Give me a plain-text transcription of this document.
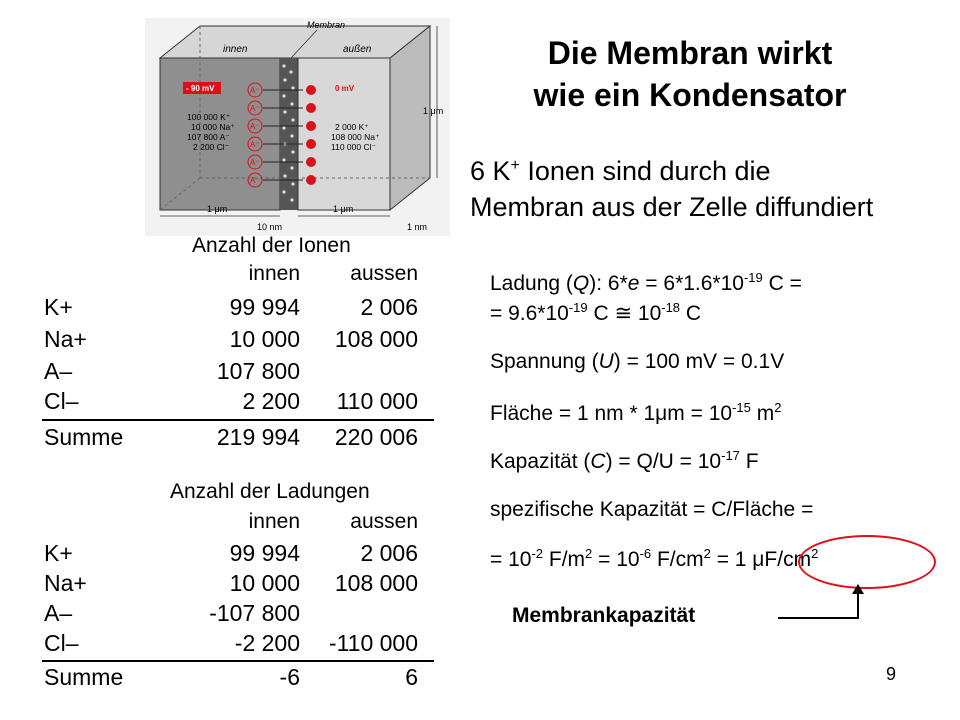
Membran
innen	außen
- 90 mV	0 mV
A⁻
A⁻
A⁻
A⁻
A⁻
A⁻
100 000 K⁺
10 000 Na⁺
107 800 A⁻
2 200 Cl⁻
2 000 K⁺
108 000 Na⁺
110 000 Cl⁻
1 μm	1 μm
1 μm
10 nm	1 nm
Die Membran wirkt
wie ein Kondensator
6 K+ Ionen sind durch die
Membran aus der Zelle diffundiert
Anzahl der Ionen
innen	aussen
K+	99 994	2 006
Na+	10 000	108 000
A–	107 800
Cl–	2 200	110 000
Summe	219 994	220 006
Anzahl der Ladungen
innen	aussen
K+	99 994	2 006
Na+	10 000	108 000
A–	-107 800
Cl–	-2 200	-110 000
Summe	-6	6
Ladung (Q): $6*e = 6*1.6*10^{-19}$ C =
= $9.6*10^{-19}$ C ≅ $10^{-18}$ C
Spannung (U) = 100 mV = 0.1V
Fläche = 1 nm * $1\mu m = 10^{-15}$ $m^2$
Kapazität $(C) = Q/U = 10^{-17}$ F
spezifische Kapazität = C/Fläche =
= $10^{-2}$ $F/m^2 = 10^{-6}$ $F/cm^2 = 1$ $\mu F/cm^2$
Membrankapazität
9
